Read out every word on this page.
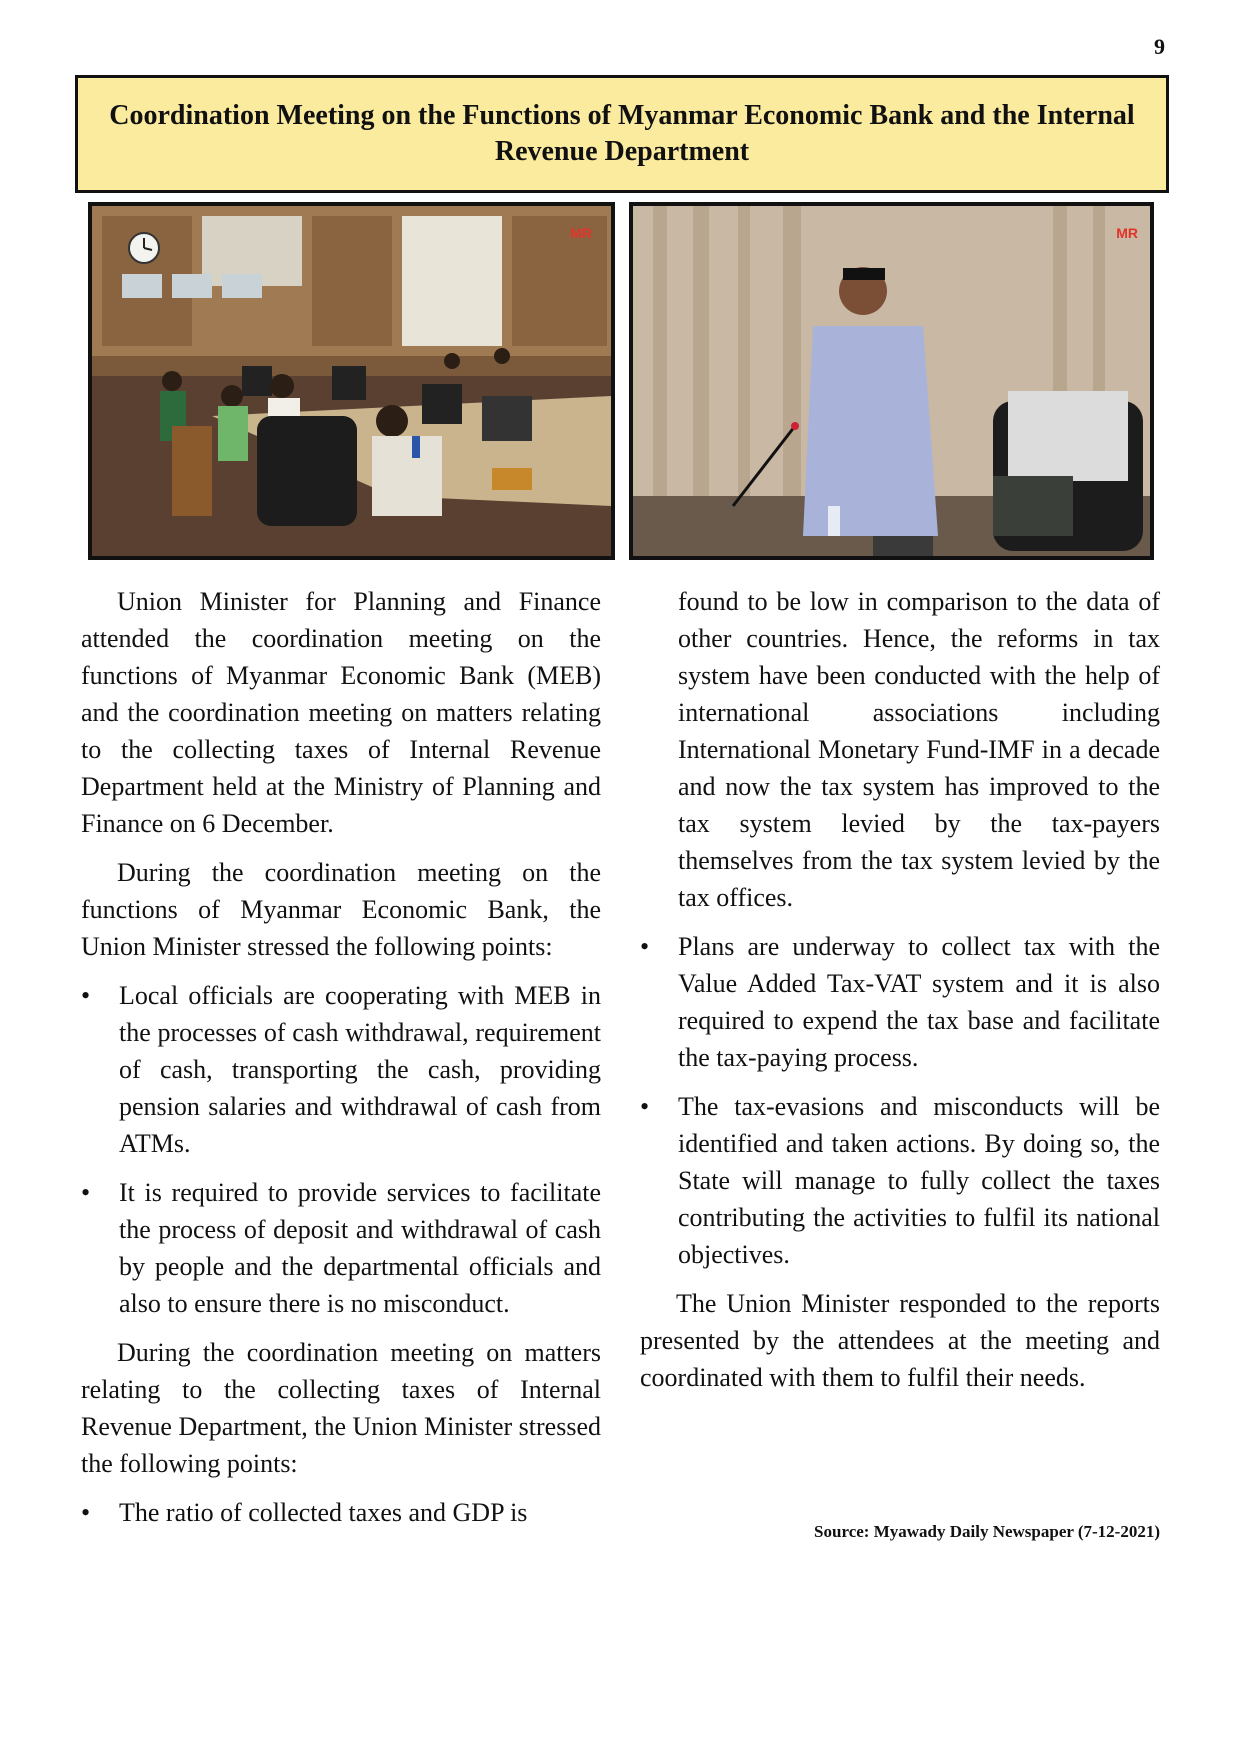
9
Coordination Meeting on the Functions of Myanmar Economic Bank and the Internal Revenue Department
MR	MR

Union Minister for Planning and Finance attended the coordination meeting on the functions of Myanmar Economic Bank (MEB) and the coordination meeting on matters relating to the collecting taxes of Internal Revenue Department held at the Ministry of Planning and Finance on 6 December.

During the coordination meeting on the functions of Myanmar Economic Bank, the Union Minister stressed the following points:

•	Local officials are cooperating with MEB in the processes of cash withdrawal, requirement of cash, transporting the cash, providing pension salaries and withdrawal of cash from ATMs.
•	It is required to provide services to facilitate the process of deposit and withdrawal of cash by people and the departmental officials and also to ensure there is no misconduct.

During the coordination meeting on matters relating to the collecting taxes of Internal Revenue Department, the Union Minister stressed the following points:

•	The ratio of collected taxes and GDP is

found to be low in comparison to the data of other countries. Hence, the reforms in tax system have been conducted with the help of international associations including International Monetary Fund-IMF in a decade and now the tax system has improved to the tax system levied by the tax-payers themselves from the tax system levied by the tax offices.

•	Plans are underway to collect tax with the Value Added Tax-VAT system and it is also required to expend the tax base and facilitate the tax-paying process.
•	The tax-evasions and misconducts will be identified and taken actions. By doing so, the State will manage to fully collect the taxes contributing the activities to fulfil its national objectives.

The Union Minister responded to the reports presented by the attendees at the meeting and coordinated with them to fulfil their needs.

Source: Myawady Daily Newspaper (7-12-2021)
